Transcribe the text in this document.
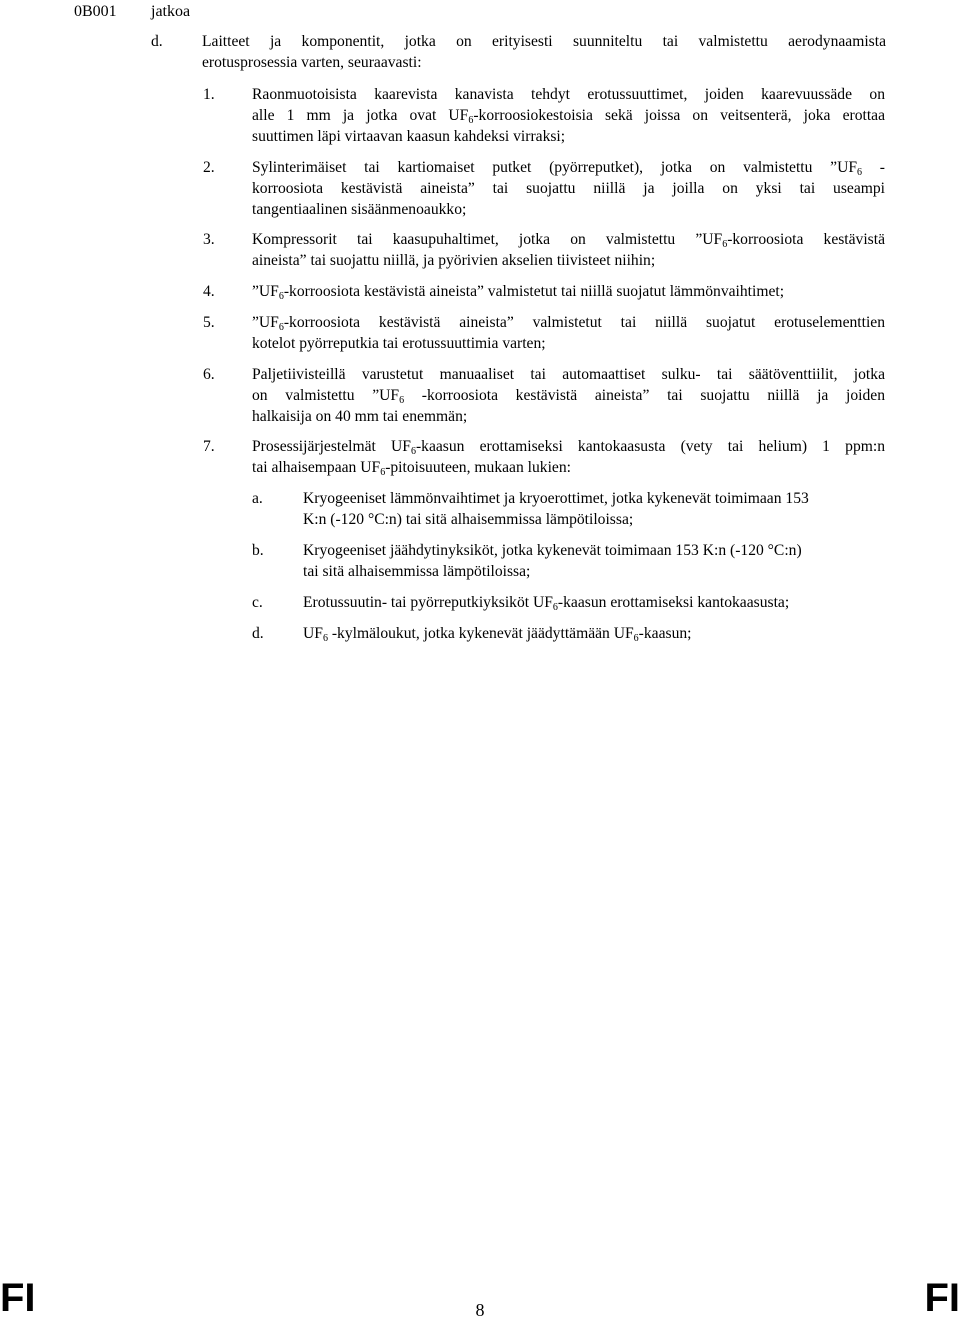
0B001 jatkoa
d.	Laitteet ja komponentit, jotka on erityisesti suunniteltu tai valmistettu aerodynaamista
erotusprosessia varten, seuraavasti:
1. Raonmuotoisista kaarevista kanavista tehdyt erotussuuttimet, joiden kaarevuussäde on
alle 1 mm ja jotka ovat $UF_6$-korroosiokestoisia sekä joissa on veitsenterä, joka erottaa
suuttimen läpi virtaavan kaasun kahdeksi virraksi;
2. Sylinterimäiset tai kartiomaiset putket (pyörreputket), jotka on valmistettu $”UF_6$ -
korroosiota kestävistä aineista” tai suojattu niillä ja joilla on yksi tai useampi
tangentiaalinen sisäänmenoaukko;
3. Kompressorit tai kaasupuhaltimet, jotka on valmistettu $”UF_6$-korroosiota kestävistä
aineista” tai suojattu niillä, ja pyörivien akselien tiivisteet niihin;
4. $”UF_6$-korroosiota kestävistä aineista” valmistetut tai niillä suojatut lämmönvaihtimet;
5. $”UF_6$-korroosiota kestävistä aineista” valmistetut tai niillä suojatut erotuselementtien
kotelot pyörreputkia tai erotussuuttimia varten;
6. Paljetiivisteillä varustetut manuaaliset tai automaattiset sulku- tai säätöventtiilit, jotka
on valmistettu $”UF_6$ -korroosiota kestävistä aineista” tai suojattu niillä ja joiden
halkaisija on 40 mm tai enemmän;
7. Prosessijärjestelmät $UF_6$-kaasun erottamiseksi kantokaasusta (vety tai helium) 1 ppm:n
tai alhaisempaan $UF_6$-pitoisuuteen, mukaan lukien:
a.	Kryogeeniset lämmönvaihtimet ja kryoerottimet, jotka kykenevät toimimaan 153
K:n (-120 °C:n) tai sitä alhaisemmissa lämpötiloissa;
b.	Kryogeeniset jäähdytinyksiköt, jotka kykenevät toimimaan 153 K:n (-120 °C:n)
tai sitä alhaisemmissa lämpötiloissa;
c.	Erotussuutin- tai pyörreputkiyksiköt $UF_6$-kaasun erottamiseksi kantokaasusta;
d.	$UF_6$ -kylmäloukut, jotka kykenevät jäädyttämään $UF_6$-kaasun;
FI	8	FI
